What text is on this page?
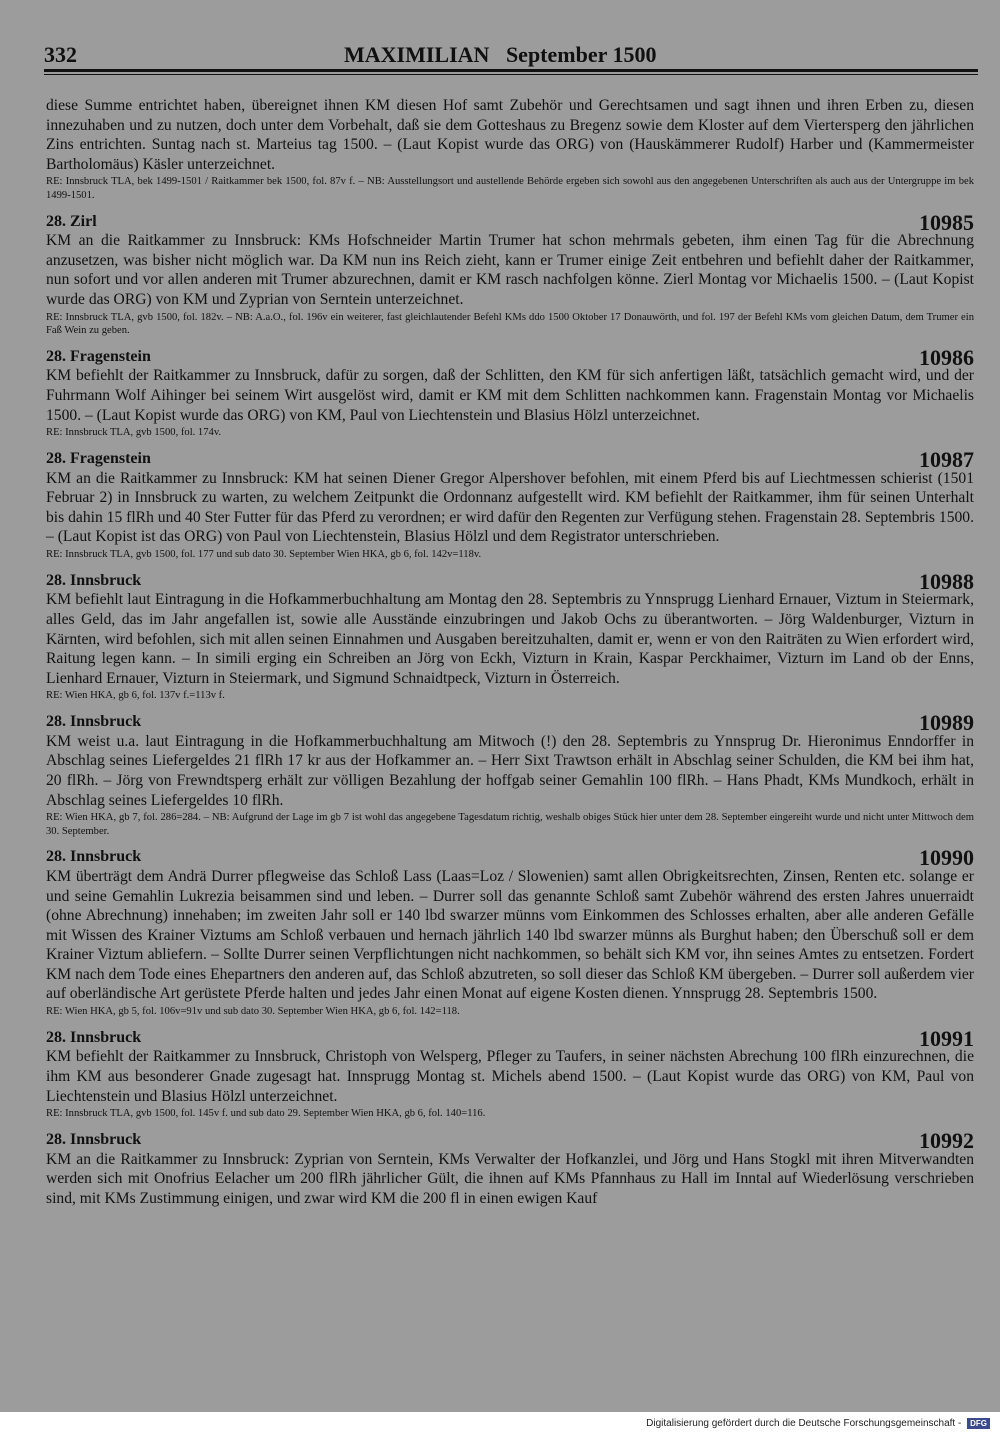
332	MAXIMILIAN   September 1500
diese Summe entrichtet haben, übereignet ihnen KM diesen Hof samt Zubehör und Gerechtsamen und sagt ihnen und ihren Erben zu, diesen innezuhaben und zu nutzen, doch unter dem Vorbehalt, daß sie dem Gotteshaus zu Bregenz sowie dem Kloster auf dem Viertersperg den jährlichen Zins entrichten. Suntag nach st. Marteius tag 1500. – (Laut Kopist wurde das ORG) von (Hauskämmerer Rudolf) Harber und (Kammermeister Bartholomäus) Käsler unterzeichnet.
RE: Innsbruck TLA, bek 1499-1501 / Raitkammer bek 1500, fol. 87v f. – NB: Ausstellungsort und austellende Behörde ergeben sich sowohl aus den angegebenen Unterschriften als auch aus der Untergruppe im bek 1499-1501.
28. Zirl	10985
KM an die Raitkammer zu Innsbruck: KMs Hofschneider Martin Trumer hat schon mehrmals gebeten, ihm einen Tag für die Abrechnung anzusetzen, was bisher nicht möglich war. Da KM nun ins Reich zieht, kann er Trumer einige Zeit entbehren und befiehlt daher der Raitkammer, nun sofort und vor allen anderen mit Trumer abzurechnen, damit er KM rasch nachfolgen könne. Zierl Montag vor Michaelis 1500. – (Laut Kopist wurde das ORG) von KM und Zyprian von Serntein unterzeichnet.
RE: Innsbruck TLA, gvb 1500, fol. 182v. – NB: A.a.O., fol. 196v ein weiterer, fast gleichlautender Befehl KMs ddo 1500 Oktober 17 Donauwörth, und fol. 197 der Befehl KMs vom gleichen Datum, dem Trumer ein Faß Wein zu geben.
28. Fragenstein	10986
KM befiehlt der Raitkammer zu Innsbruck, dafür zu sorgen, daß der Schlitten, den KM für sich anfertigen läßt, tatsächlich gemacht wird, und der Fuhrmann Wolf Aihinger bei seinem Wirt ausgelöst wird, damit er KM mit dem Schlitten nachkommen kann. Fragenstain Montag vor Michaelis 1500. – (Laut Kopist wurde das ORG) von KM, Paul von Liechtenstein und Blasius Hölzl unterzeichnet.
RE: Innsbruck TLA, gvb 1500, fol. 174v.
28. Fragenstein	10987
KM an die Raitkammer zu Innsbruck: KM hat seinen Diener Gregor Alpershover befohlen, mit einem Pferd bis auf Liechtmessen schierist (1501 Februar 2) in Innsbruck zu warten, zu welchem Zeitpunkt die Ordonnanz aufgestellt wird. KM befiehlt der Raitkammer, ihm für seinen Unterhalt bis dahin 15 flRh und 40 Ster Futter für das Pferd zu verordnen; er wird dafür den Regenten zur Verfügung stehen. Fragenstain 28. Septembris 1500. – (Laut Kopist ist das ORG) von Paul von Liechtenstein, Blasius Hölzl und dem Registrator unterschrieben.
RE: Innsbruck TLA, gvb 1500, fol. 177 und sub dato 30. September Wien HKA, gb 6, fol. 142v=118v.
28. Innsbruck	10988
KM befiehlt laut Eintragung in die Hofkammerbuchhaltung am Montag den 28. Septembris zu Ynnsprugg Lienhard Ernauer, Viztum in Steiermark, alles Geld, das im Jahr angefallen ist, sowie alle Ausstände einzubringen und Jakob Ochs zu überantworten. – Jörg Waldenburger, Vizturn in Kärnten, wird befohlen, sich mit allen seinen Einnahmen und Ausgaben bereitzuhalten, damit er, wenn er von den Raiträten zu Wien erfordert wird, Raitung legen kann. – In simili erging ein Schreiben an Jörg von Eckh, Vizturn in Krain, Kaspar Perckhaimer, Vizturn im Land ob der Enns, Lienhard Ernauer, Vizturn in Steiermark, und Sigmund Schnaidtpeck, Vizturn in Österreich.
RE: Wien HKA, gb 6, fol. 137v f.=113v f.
28. Innsbruck	10989
KM weist u.a. laut Eintragung in die Hofkammerbuchhaltung am Mitwoch (!) den 28. Septembris zu Ynnsprug Dr. Hieronimus Enndorffer in Abschlag seines Liefergeldes 21 flRh 17 kr aus der Hofkammer an. – Herr Sixt Trawtson erhält in Abschlag seiner Schulden, die KM bei ihm hat, 20 flRh. – Jörg von Frewndtsperg erhält zur völligen Bezahlung der hoffgab seiner Gemahlin 100 flRh. – Hans Phadt, KMs Mundkoch, erhält in Abschlag seines Liefergeldes 10 flRh.
RE: Wien HKA, gb 7, fol. 286=284. – NB: Aufgrund der Lage im gb 7 ist wohl das angegebene Tagesdatum richtig, weshalb obiges Stück hier unter dem 28. September eingereiht wurde und nicht unter Mittwoch dem 30. September.
28. Innsbruck	10990
KM überträgt dem Andrä Durrer pflegweise das Schloß Lass (Laas=Loz / Slowenien) samt allen Obrigkeitsrechten, Zinsen, Renten etc. solange er und seine Gemahlin Lukrezia beisammen sind und leben. – Durrer soll das genannte Schloß samt Zubehör während des ersten Jahres unuerraidt (ohne Abrechnung) innehaben; im zweiten Jahr soll er 140 lbd swarzer münns vom Einkommen des Schlosses erhalten, aber alle anderen Gefälle mit Wissen des Krainer Viztums am Schloß verbauen und hernach jährlich 140 lbd swarzer münns als Burghut haben; den Überschuß soll er dem Krainer Viztum abliefern. – Sollte Durrer seinen Verpflichtungen nicht nachkommen, so behält sich KM vor, ihn seines Amtes zu entsetzen. Fordert KM nach dem Tode eines Ehepartners den anderen auf, das Schloß abzutreten, so soll dieser das Schloß KM übergeben. – Durrer soll außerdem vier auf oberländische Art gerüstete Pferde halten und jedes Jahr einen Monat auf eigene Kosten dienen. Ynnsprugg 28. Septembris 1500.
RE: Wien HKA, gb 5, fol. 106v=91v und sub dato 30. September Wien HKA, gb 6, fol. 142=118.
28. Innsbruck	10991
KM befiehlt der Raitkammer zu Innsbruck, Christoph von Welsperg, Pfleger zu Taufers, in seiner nächsten Abrechung 100 flRh einzurechnen, die ihm KM aus besonderer Gnade zugesagt hat. Innsprugg Montag st. Michels abend 1500. – (Laut Kopist wurde das ORG) von KM, Paul von Liechtenstein und Blasius Hölzl unterzeichnet.
RE: Innsbruck TLA, gvb 1500, fol. 145v f. und sub dato 29. September Wien HKA, gb 6, fol. 140=116.
28. Innsbruck	10992
KM an die Raitkammer zu Innsbruck: Zyprian von Serntein, KMs Verwalter der Hofkanzlei, und Jörg und Hans Stogkl mit ihren Mitverwandten werden sich mit Onofrius Eelacher um 200 flRh jährlicher Gült, die ihnen auf KMs Pfannhaus zu Hall im Inntal auf Wiederlösung verschrieben sind, mit KMs Zustimmung einigen, und zwar wird KM die 200 fl in einen ewigen Kauf
Digitalisierung gefördert durch die Deutsche Forschungsgemeinschaft - DFG
